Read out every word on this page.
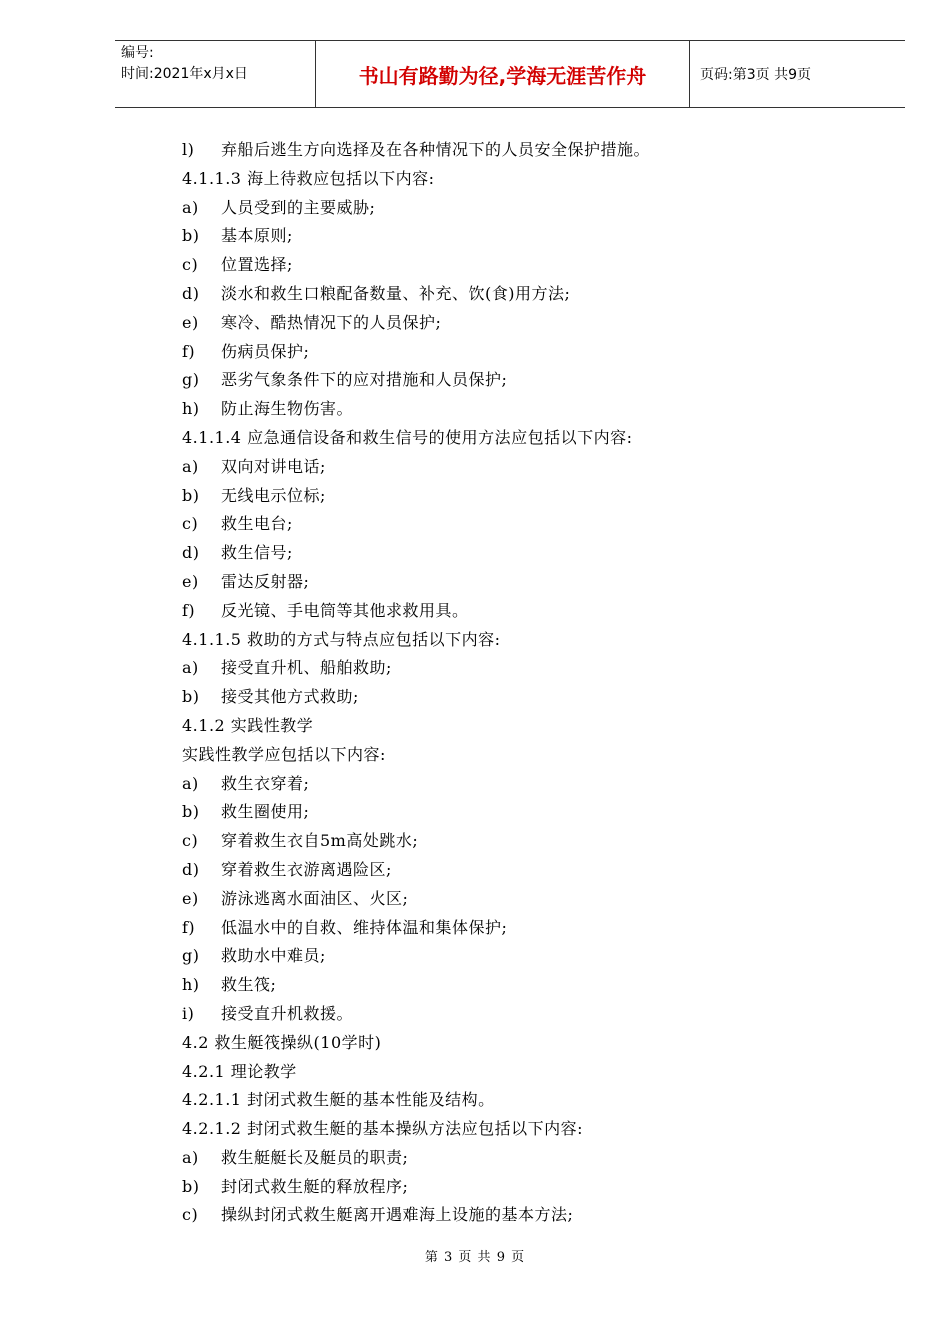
编号:
时间:2021年x月x日	书山有路勤为径,学海无涯苦作舟	页码:第3页 共9页
l) 弃船后逃生方向选择及在各种情况下的人员安全保护措施。
4.1.1.3 海上待救应包括以下内容:
a) 人员受到的主要威胁;
b) 基本原则;
c) 位置选择;
d) 淡水和救生口粮配备数量、补充、饮(食)用方法;
e) 寒冷、酷热情况下的人员保护;
f) 伤病员保护;
g) 恶劣气象条件下的应对措施和人员保护;
h) 防止海生物伤害。
4.1.1.4 应急通信设备和救生信号的使用方法应包括以下内容:
a) 双向对讲电话;
b) 无线电示位标;
c) 救生电台;
d) 救生信号;
e) 雷达反射器;
f) 反光镜、手电筒等其他求救用具。
4.1.1.5 救助的方式与特点应包括以下内容:
a) 接受直升机、船舶救助;
b) 接受其他方式救助;
4.1.2 实践性教学
实践性教学应包括以下内容:
a) 救生衣穿着;
b) 救生圈使用;
c) 穿着救生衣自5m高处跳水;
d) 穿着救生衣游离遇险区;
e) 游泳逃离水面油区、火区;
f) 低温水中的自救、维持体温和集体保护;
g) 救助水中难员;
h) 救生筏;
i) 接受直升机救援。
4.2 救生艇筏操纵(10学时)
4.2.1 理论教学
4.2.1.1 封闭式救生艇的基本性能及结构。
4.2.1.2 封闭式救生艇的基本操纵方法应包括以下内容:
a) 救生艇艇长及艇员的职责;
b) 封闭式救生艇的释放程序;
c) 操纵封闭式救生艇离开遇难海上设施的基本方法;
第 3 页 共 9 页
